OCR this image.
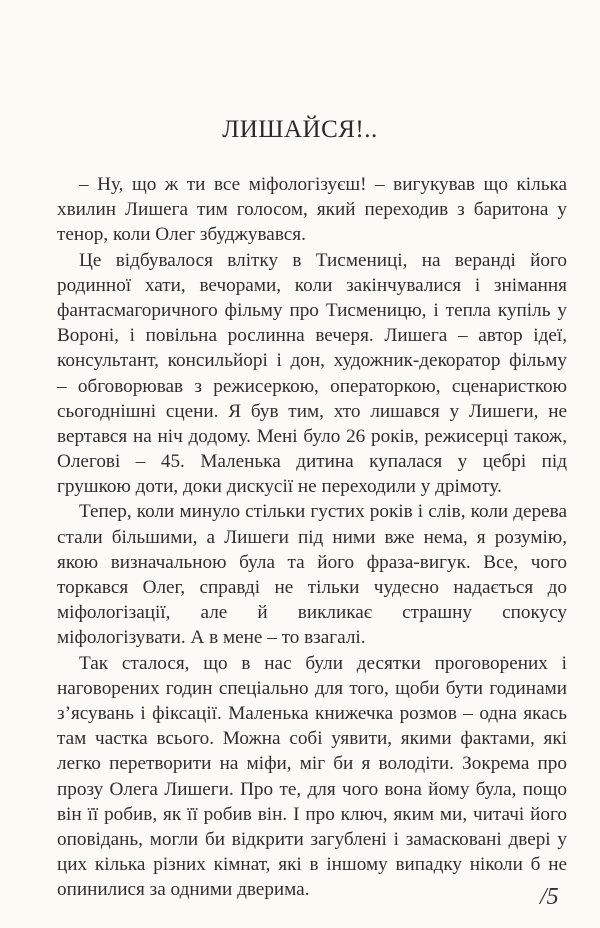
ЛИШАЙСЯ!..
– Ну, що ж ти все міфологізуєш! – вигукував що кілька
хвилин Лишега тим голосом, який переходив з баритона у
тенор, коли Олег збуджувався.
Це відбувалося влітку в Тисмениці, на веранді його
родинної хати, вечорами, коли закінчувалися і знімання
фантасмагоричного фільму про Тисменицю, і тепла купіль у
Вороні, і повільна рослинна вечеря. Лишега – автор ідеї,
консультант, консильйорі і дон, художник-декоратор фільму
– обговорював з режисеркою, операторкою, сценаристкою
сьогоднішні сцени. Я був тим, хто лишався у Лишеги, не
вертався на ніч додому. Мені було 26 років, режисерці також,
Олегові – 45. Маленька дитина купалася у цебрі під
грушкою доти, доки дискусії не переходили у дрімоту.
Тепер, коли минуло стільки густих років і слів, коли дерева
стали більшими, а Лишеги під ними вже нема, я розумію,
якою визначальною була та його фраза-вигук. Все, чого
торкався Олег, справді не тільки чудесно надається до
міфологізації, але й викликає страшну спокусу
міфологізувати. А в мене – то взагалі.
Так сталося, що в нас були десятки проговорених і
наговорених годин спеціально для того, щоби бути годинами
з’ясувань і фіксації. Маленька книжечка розмов – одна якась
там частка всього. Можна собі уявити, якими фактами, які
легко перетворити на міфи, міг би я володіти. Зокрема про
прозу Олега Лишеги. Про те, для чого вона йому була, пощо
він її робив, як її робив він. І про ключ, яким ми, читачі його
оповідань, могли би відкрити загублені і замасковані двері у
цих кілька різних кімнат, які в іншому випадку ніколи б не
опинилися за одними дверима.	/5
